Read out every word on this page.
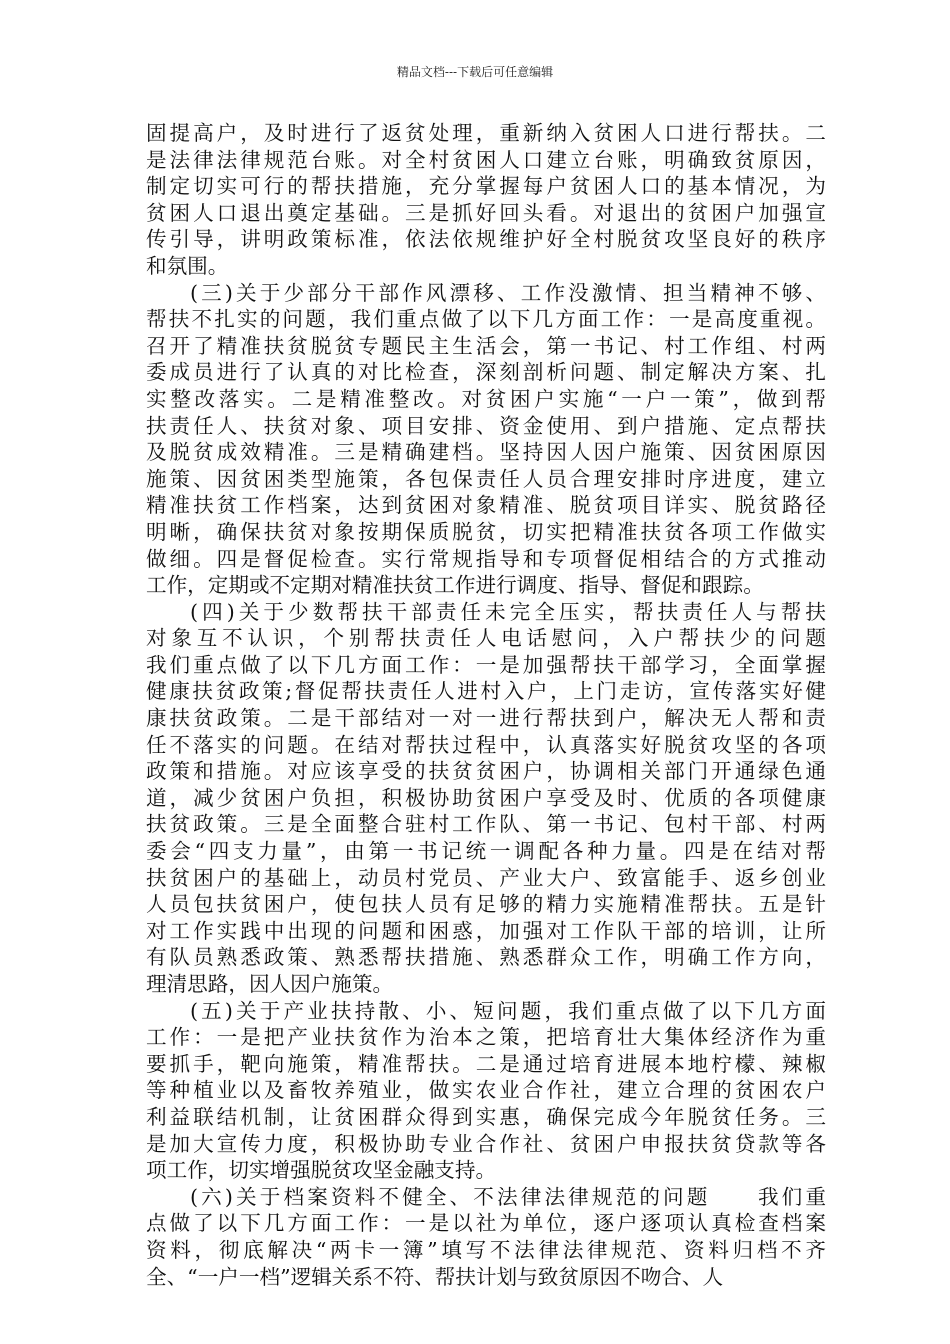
精品文档---下载后可任意编辑
固提高户，及时进行了返贫处理，重新纳入贫困人口进行帮扶。二
是法律法律规范台账。对全村贫困人口建立台账，明确致贫原因，
制定切实可行的帮扶措施，充分掌握每户贫困人口的基本情况，为
贫困人口退出奠定基础。三是抓好回头看。对退出的贫困户加强宣
传引导，讲明政策标准，依法依规维护好全村脱贫攻坚良好的秩序
和氛围。
(三)关于少部分干部作风漂移、工作没激情、担当精神不够、
帮扶不扎实的问题，我们重点做了以下几方面工作：一是高度重视。
召开了精准扶贫脱贫专题民主生活会，第一书记、村工作组、村两
委成员进行了认真的对比检查，深刻剖析问题、制定解决方案、扎
实整改落实。二是精准整改。对贫困户实施“一户一策”，做到帮
扶责任人、扶贫对象、项目安排、资金使用、到户措施、定点帮扶
及脱贫成效精准。三是精确建档。坚持因人因户施策、因贫困原因
施策、因贫困类型施策，各包保责任人员合理安排时序进度，建立
精准扶贫工作档案，达到贫困对象精准、脱贫项目详实、脱贫路径
明晰，确保扶贫对象按期保质脱贫，切实把精准扶贫各项工作做实
做细。四是督促检查。实行常规指导和专项督促相结合的方式推动
工作，定期或不定期对精准扶贫工作进行调度、指导、督促和跟踪。
(四)关于少数帮扶干部责任未完全压实，帮扶责任人与帮扶
对象互不认识，个别帮扶责任人电话慰问，入户帮扶少的问题
我们重点做了以下几方面工作：一是加强帮扶干部学习，全面掌握
健康扶贫政策;督促帮扶责任人进村入户，上门走访，宣传落实好健
康扶贫政策。二是干部结对一对一进行帮扶到户，解决无人帮和责
任不落实的问题。在结对帮扶过程中，认真落实好脱贫攻坚的各项
政策和措施。对应该享受的扶贫贫困户，协调相关部门开通绿色通
道，减少贫困户负担，积极协助贫困户享受及时、优质的各项健康
扶贫政策。三是全面整合驻村工作队、第一书记、包村干部、村两
委会“四支力量”，由第一书记统一调配各种力量。四是在结对帮
扶贫困户的基础上，动员村党员、产业大户、致富能手、返乡创业
人员包扶贫困户，使包扶人员有足够的精力实施精准帮扶。五是针
对工作实践中出现的问题和困惑，加强对工作队干部的培训，让所
有队员熟悉政策、熟悉帮扶措施、熟悉群众工作，明确工作方向，
理清思路，因人因户施策。
(五)关于产业扶持散、小、短问题，我们重点做了以下几方面
工作：一是把产业扶贫作为治本之策，把培育壮大集体经济作为重
要抓手，靶向施策，精准帮扶。二是通过培育进展本地柠檬、辣椒
等种植业以及畜牧养殖业，做实农业合作社，建立合理的贫困农户
利益联结机制，让贫困群众得到实惠，确保完成今年脱贫任务。三
是加大宣传力度，积极协助专业合作社、贫困户申报扶贫贷款等各
项工作，切实增强脱贫攻坚金融支持。
(六)关于档案资料不健全、不法律法律规范的问题　　我们重
点做了以下几方面工作：一是以社为单位，逐户逐项认真检查档案
资料，彻底解决“两卡一簿”填写不法律法律规范、资料归档不齐
全、“一户一档”逻辑关系不符、帮扶计划与致贫原因不吻合、人
